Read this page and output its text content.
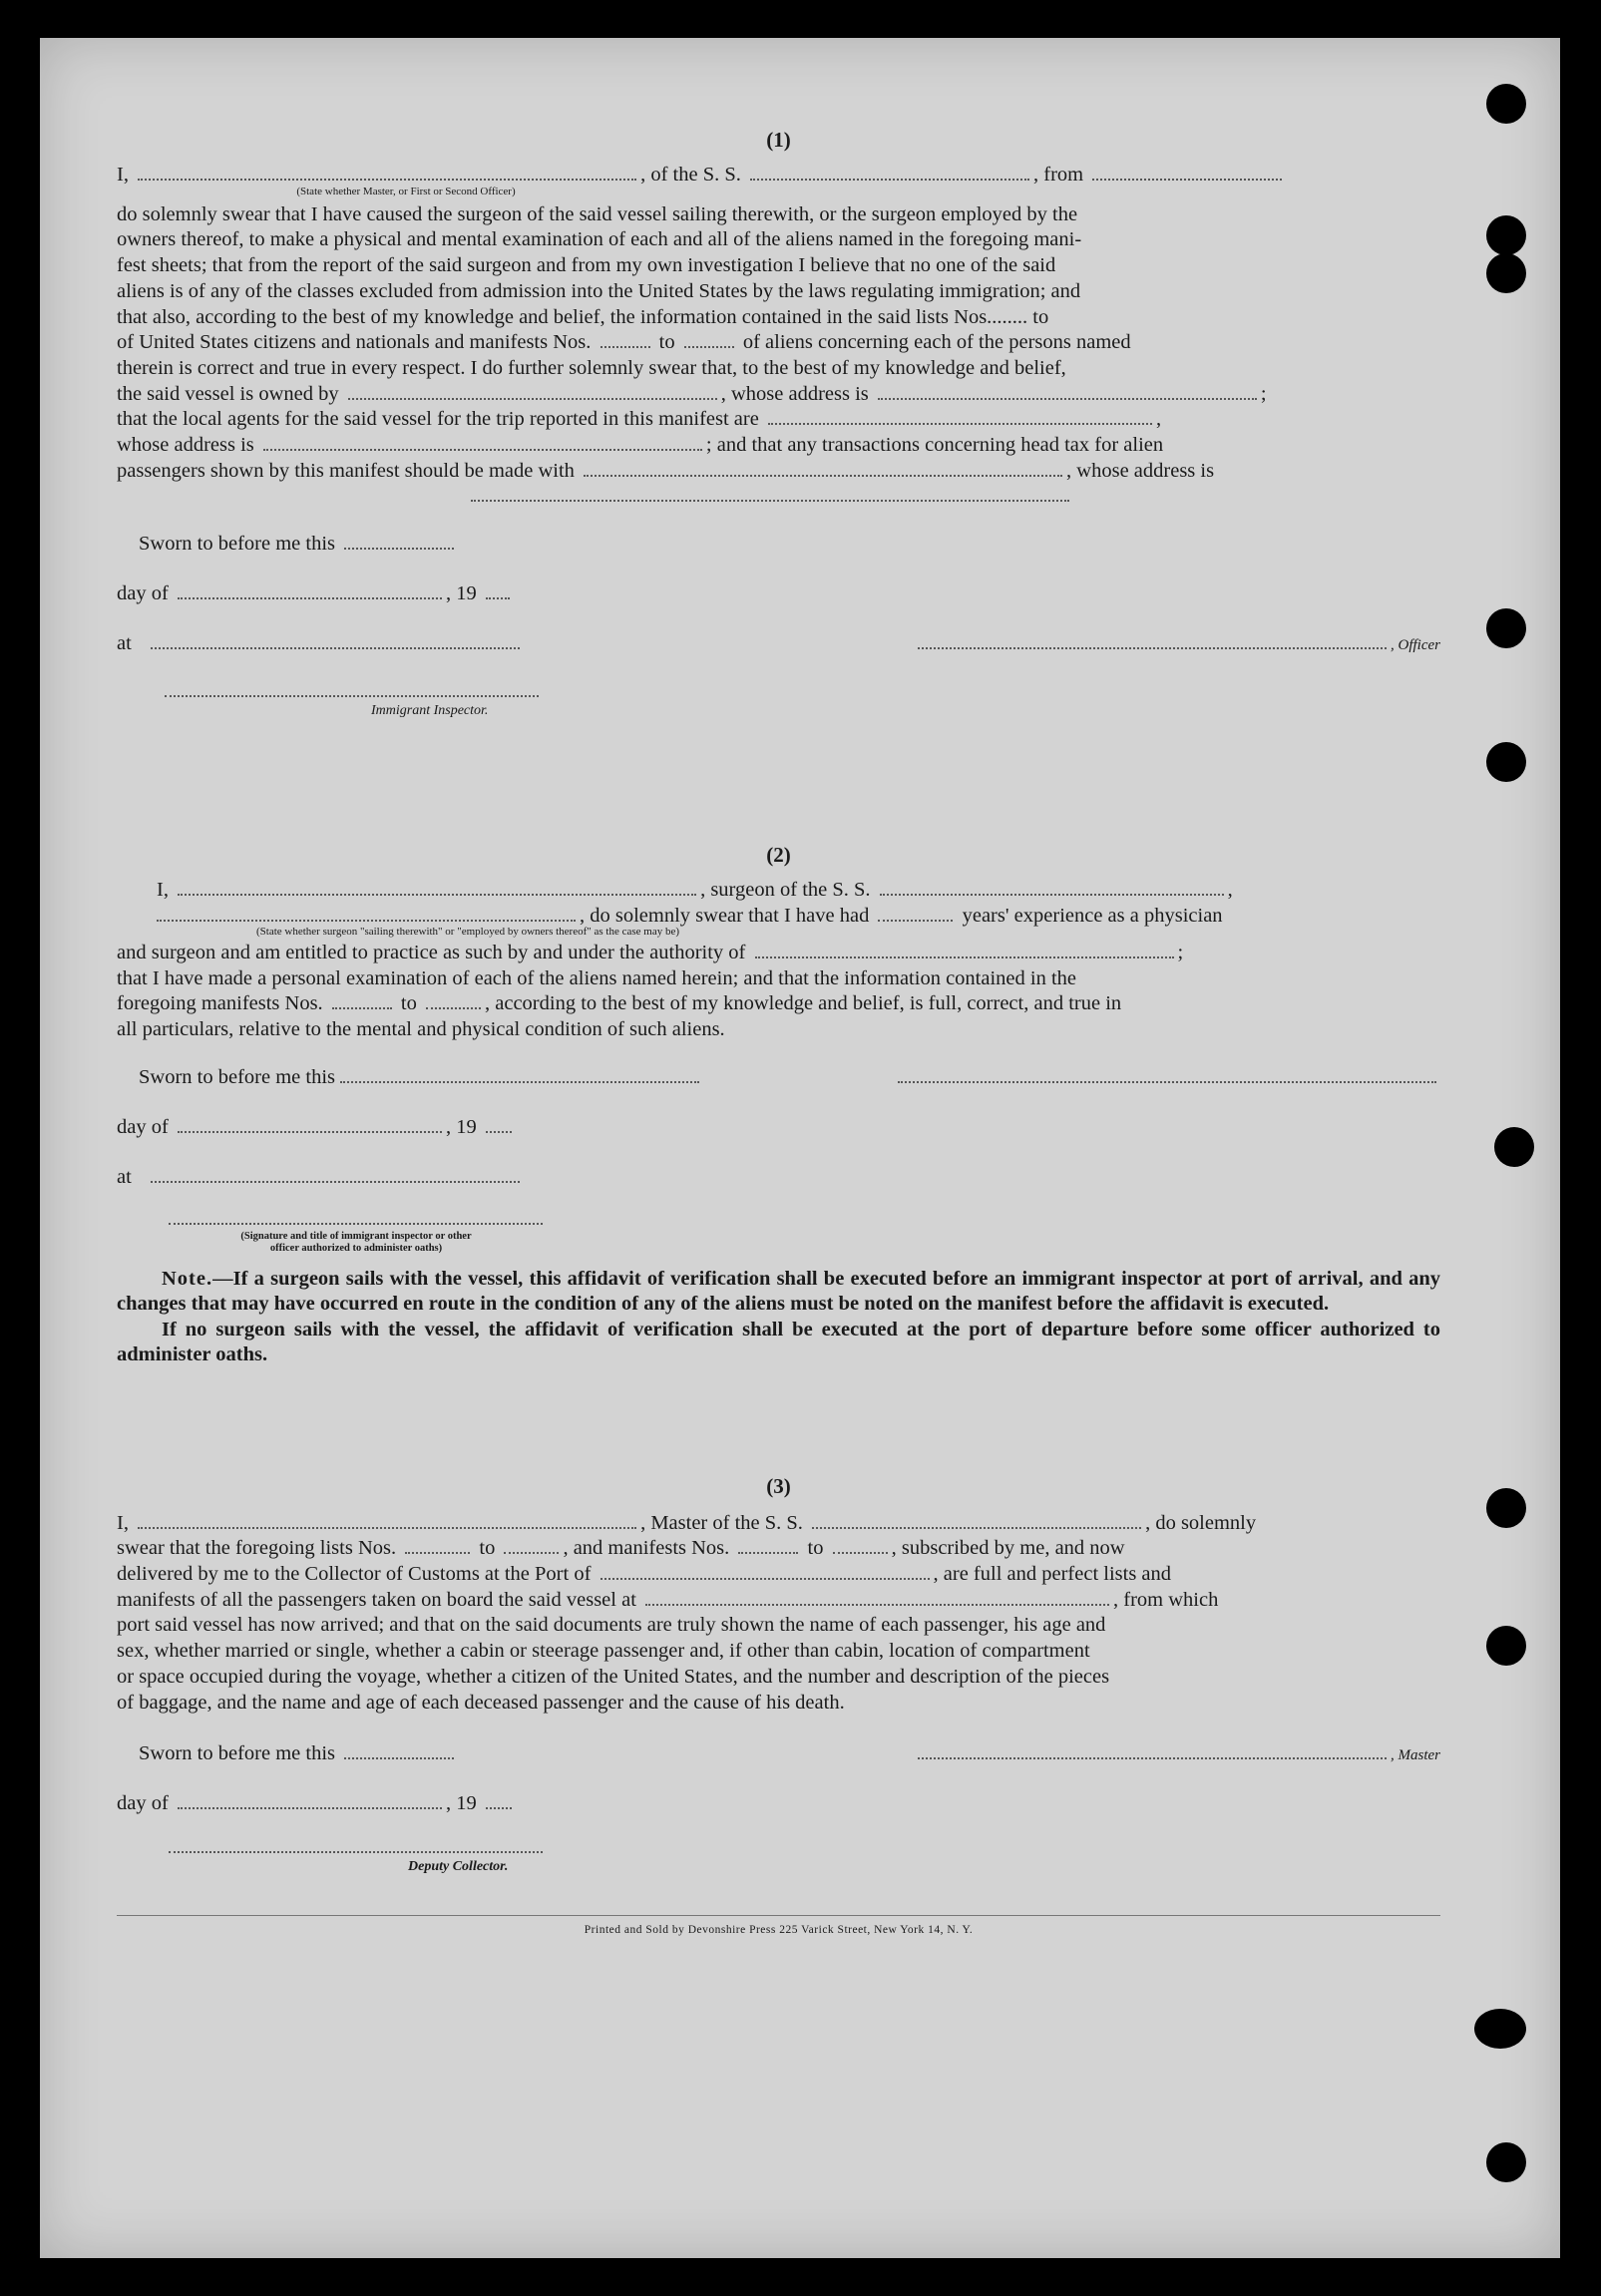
(1)
I,	, of the S. S.	, from
(State whether Master, or First or Second Officer)
do solemnly swear that I have caused the surgeon of the said vessel sailing therewith, or the surgeon employed by the
owners thereof, to make a physical and mental examination of each and all of the aliens named in the foregoing mani-
fest sheets; that from the report of the said surgeon and from my own investigation I believe that no one of the said
aliens is of any of the classes excluded from admission into the United States by the laws regulating immigration; and
that also, according to the best of my knowledge and belief, the information contained in the said lists Nos........ to
of United States citizens and nationals and manifests Nos.	to	of aliens concerning each of the persons named
therein is correct and true in every respect. I do further solemnly swear that, to the best of my knowledge and belief,
the said vessel is owned by	, whose address is	;
that the local agents for the said vessel for the trip reported in this manifest are	,
whose address is	; and that any transactions concerning head tax for alien
passengers shown by this manifest should be made with	, whose address is
Sworn to before me this
day of	, 19
at	, Officer
Immigrant Inspector.
(2)
I,	, surgeon of the S. S.	,
, do solemnly swear that I have had	years' experience as a physician
(State whether surgeon "sailing therewith" or "employed by owners thereof" as the case may be)
and surgeon and am entitled to practice as such by and under the authority of	;
that I have made a personal examination of each of the aliens named herein; and that the information contained in the
foregoing manifests Nos.	to	, according to the best of my knowledge and belief, is full, correct, and true in
all particulars, relative to the mental and physical condition of such aliens.
Sworn to before me this
day of	, 19
at
(Signature and title of immigrant inspector or other officer authorized to administer oaths)
Note.—If a surgeon sails with the vessel, this affidavit of verification shall be executed before an immigrant inspector at port of arrival, and any changes that may have occurred en route in the condition of any of the aliens must be noted on the manifest before the affidavit is executed.
If no surgeon sails with the vessel, the affidavit of verification shall be executed at the port of departure before some officer authorized to administer oaths.
(3)
I,	, Master of the S. S.	, do solemnly
swear that the foregoing lists Nos.	to	, and manifests Nos.	to	, subscribed by me, and now
delivered by me to the Collector of Customs at the Port of	, are full and perfect lists and
manifests of all the passengers taken on board the said vessel at	, from which
port said vessel has now arrived; and that on the said documents are truly shown the name of each passenger, his age and
sex, whether married or single, whether a cabin or steerage passenger and, if other than cabin, location of compartment
or space occupied during the voyage, whether a citizen of the United States, and the number and description of the pieces
of baggage, and the name and age of each deceased passenger and the cause of his death.
Sworn to before me this	, Master
day of	, 19
Deputy Collector.
Printed and Sold by Devonshire Press 225 Varick Street, New York 14, N. Y.
